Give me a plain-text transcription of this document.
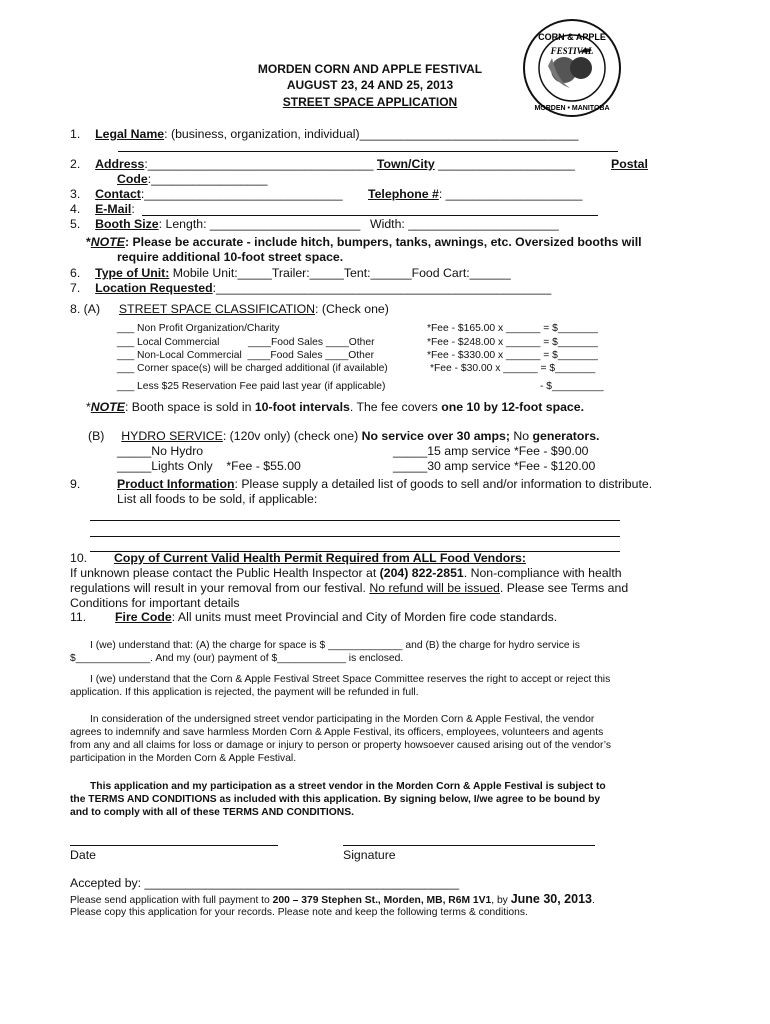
CORN & APPLE
FESTIVAL
MORDEN • MANITOBA
MORDEN CORN AND APPLE FESTIVAL
AUGUST 23, 24 AND 25, 2013
STREET SPACE APPLICATION
1. Legal Name: (business, organization, individual)________________________________
2. Address:_________________________________ Town/City ____________________	Postal
Code:_________________
3. Contact:_____________________________ Telephone #: ____________________
4. E-Mail:
5. Booth Size: Length: ______________________ Width: ______________________
*NOTE: Please be accurate - include hitch, bumpers, tanks, awnings, etc. Oversized booths will
require additional 10-foot street space.
6. Type of Unit: Mobile Unit:_____Trailer:_____Tent:______Food Cart:______
7. Location Requested:_________________________________________________
8. (A) STREET SPACE CLASSIFICATION: (Check one)
___ Non Profit Organization/Charity	*Fee - $165.00 x ______ = $_______
___ Local Commercial          ____Food Sales ____Other	*Fee - $248.00 x ______ = $_______
___ Non-Local Commercial  ____Food Sales ____Other	*Fee - $330.00 x ______ = $_______
___ Corner space(s) will be charged additional (if available)	*Fee - $30.00 x ______ = $_______
___ Less $25 Reservation Fee paid last year (if applicable)	- $_________
*NOTE: Booth space is sold in 10-foot intervals. The fee covers one 10 by 12-foot space.
(B) HYDRO SERVICE: (120v only) (check one) No service over 30 amps; No generators.
_____No Hydro	_____15 amp service *Fee - $90.00
_____Lights Only    *Fee - $55.00	_____30 amp service *Fee - $120.00
9.	Product Information: Please supply a detailed list of goods to sell and/or information to distribute.
List all foods to be sold, if applicable:
10. Copy of Current Valid Health Permit Required from ALL Food Vendors:
If unknown please contact the Public Health Inspector at (204) 822-2851. Non-compliance with health
regulations will result in your removal from our festival. No refund will be issued. Please see Terms and
Conditions for important details
11. Fire Code: All units must meet Provincial and City of Morden fire code standards.
I (we) understand that: (A) the charge for space is $ _____________ and (B) the charge for hydro service is
$_____________. And my (our) payment of $____________ is enclosed.
I (we) understand that the Corn & Apple Festival Street Space Committee reserves the right to accept or reject this
application. If this application is rejected, the payment will be refunded in full.
In consideration of the undersigned street vendor participating in the Morden Corn & Apple Festival, the vendor
agrees to indemnify and save harmless Morden Corn & Apple Festival, its officers, employees, volunteers and agents
from any and all claims for loss or damage or injury to person or property howsoever caused arising out of the vendor’s
participation in the Morden Corn & Apple Festival.
This application and my participation as a street vendor in the Morden Corn & Apple Festival is subject to
the TERMS AND CONDITIONS as included with this application. By signing below, I/we agree to be bound by
and to comply with all of these TERMS AND CONDITIONS.
Date	Signature
Accepted by: ______________________________________________
Please send application with full payment to 200 – 379 Stephen St., Morden, MB, R6M 1V1, by June 30, 2013.
Please copy this application for your records. Please note and keep the following terms & conditions.
